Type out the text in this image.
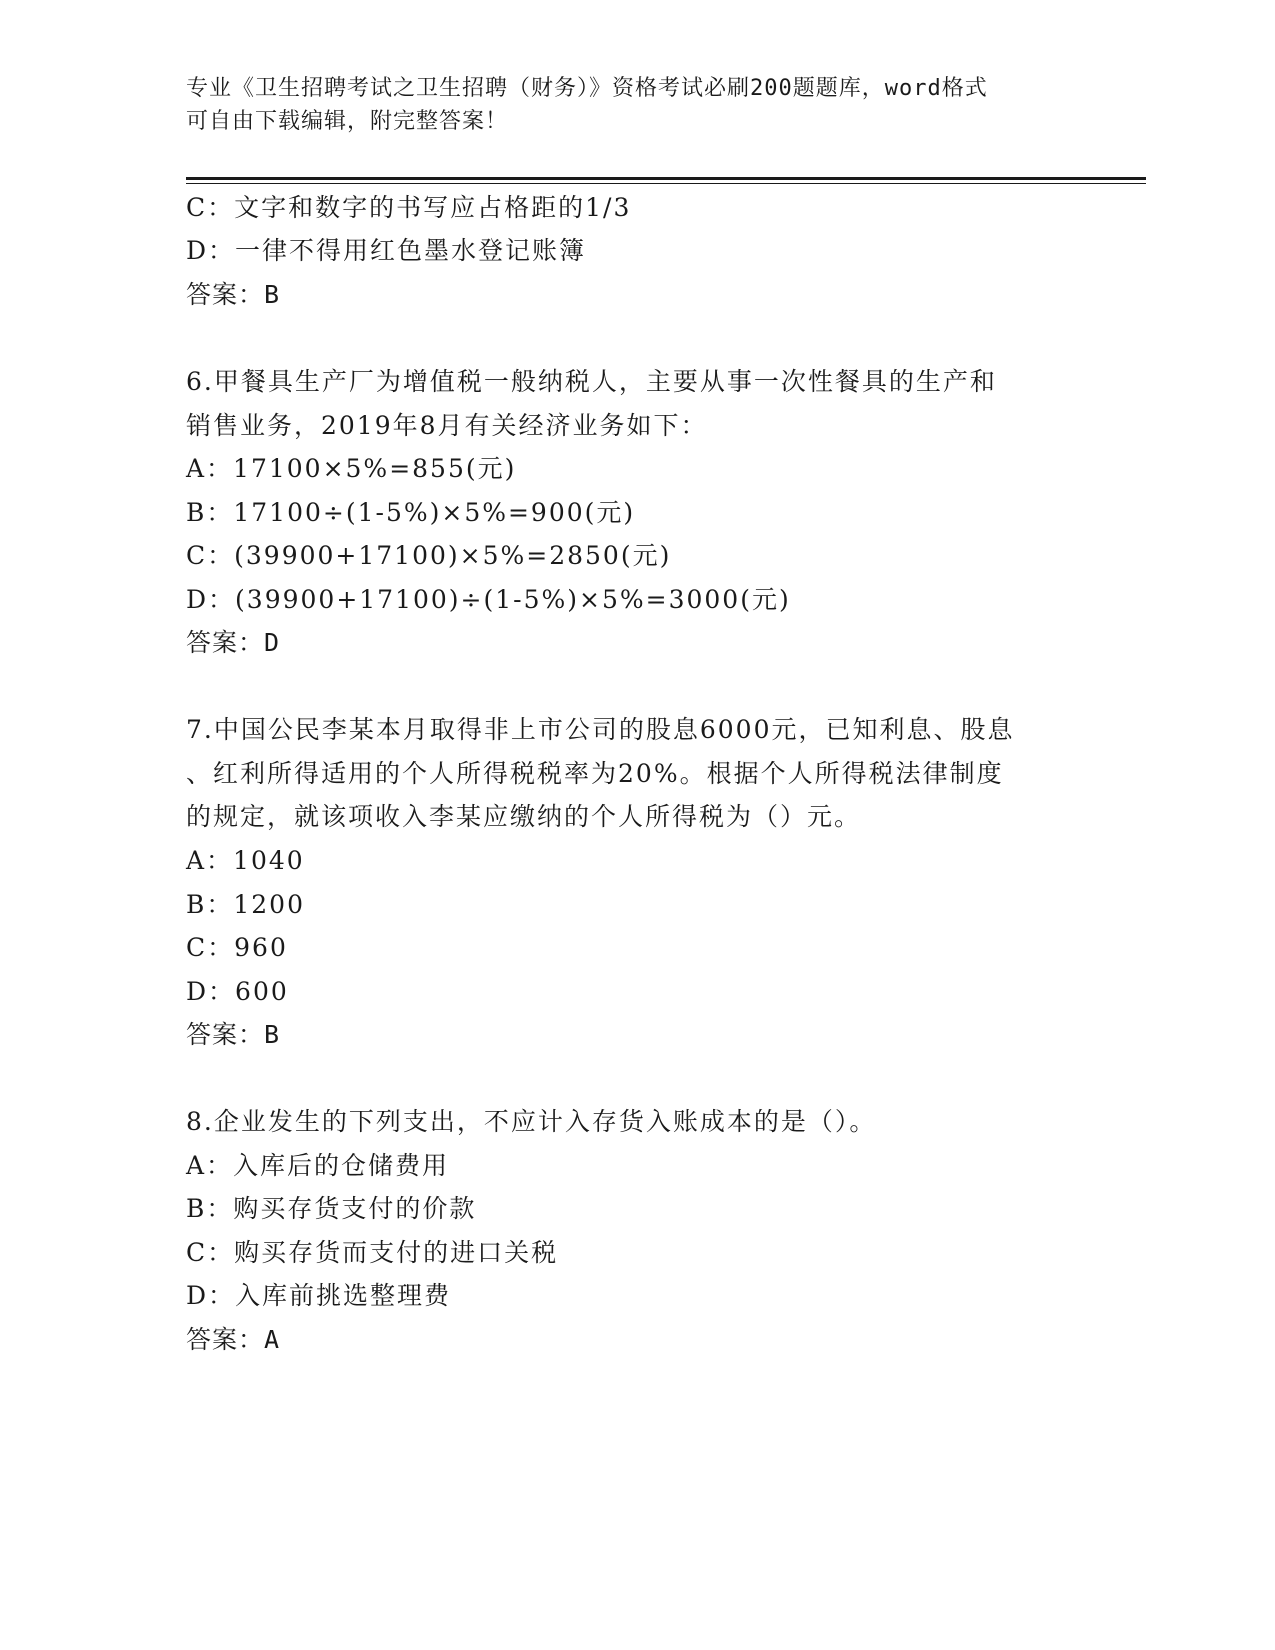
专业《卫生招聘考试之卫生招聘（财务）》资格考试必刷200题题库，word格式
可自由下载编辑，附完整答案！
C：文字和数字的书写应占格距的1/3
D：一律不得用红色墨水登记账簿
答案：B
6.甲餐具生产厂为增值税一般纳税人，主要从事一次性餐具的生产和
销售业务，2019年8月有关经济业务如下：
A：17100×5%=855(元)
B：17100÷(1-5%)×5%=900(元)
C：(39900+17100)×5%=2850(元)
D：(39900+17100)÷(1-5%)×5%=3000(元)
答案：D
7.中国公民李某本月取得非上市公司的股息6000元，已知利息、股息
、红利所得适用的个人所得税税率为20%。根据个人所得税法律制度
的规定，就该项收入李某应缴纳的个人所得税为（）元。
A：1040
B：1200
C：960
D：600
答案：B
8.企业发生的下列支出，不应计入存货入账成本的是（）。
A：入库后的仓储费用
B：购买存货支付的价款
C：购买存货而支付的进口关税
D：入库前挑选整理费
答案：A
